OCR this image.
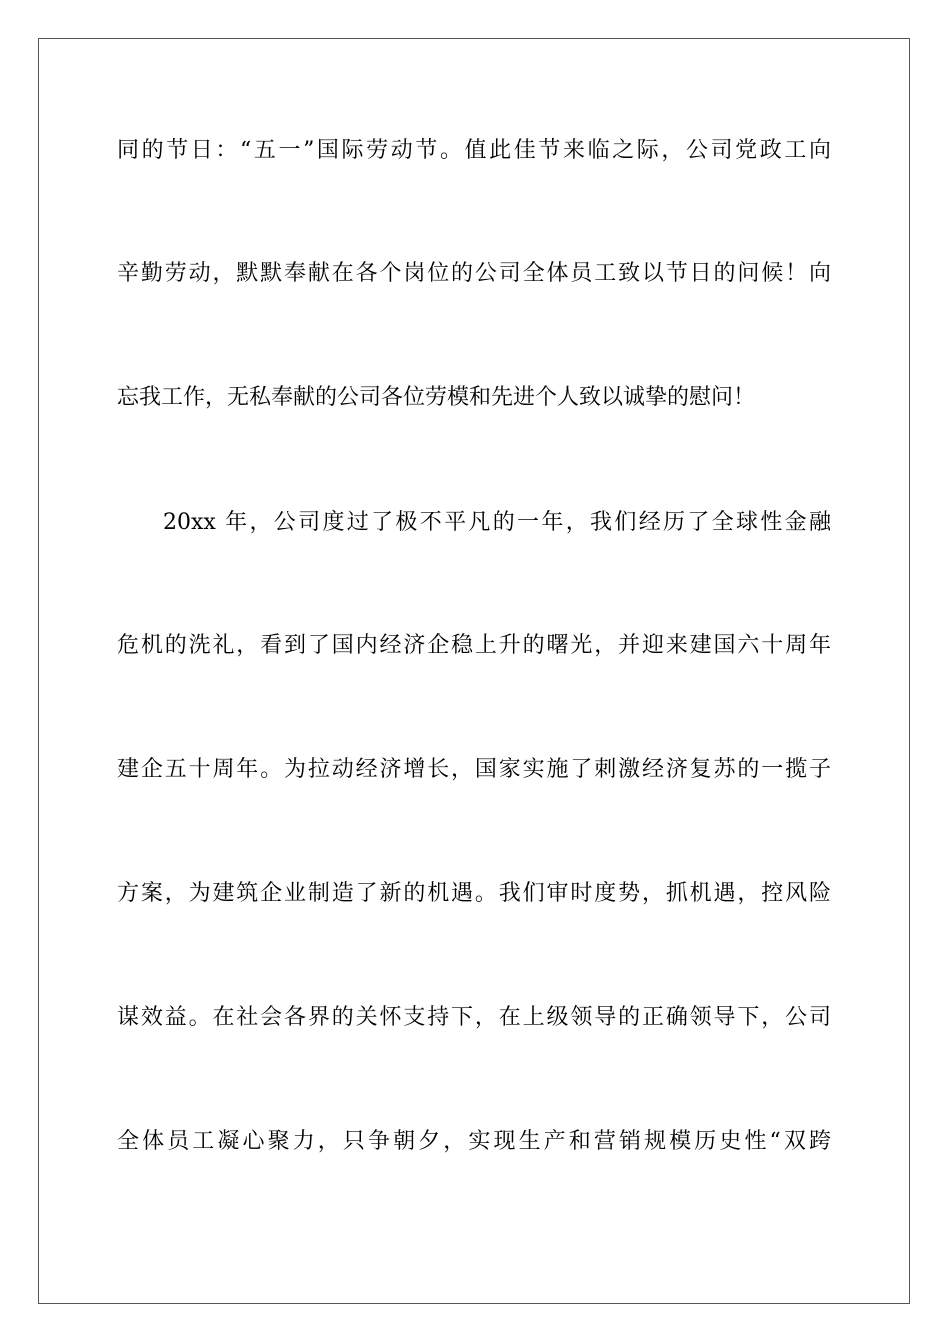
同的节日：“五一”国际劳动节。值此佳节来临之际，公司党政工向
辛勤劳动，默默奉献在各个岗位的公司全体员工致以节日的问候！向
忘我工作，无私奉献的公司各位劳模和先进个人致以诚挚的慰问！
20xx 年，公司度过了极不平凡的一年，我们经历了全球性金融
危机的洗礼，看到了国内经济企稳上升的曙光，并迎来建国六十周年
建企五十周年。为拉动经济增长，国家实施了刺激经济复苏的一揽子
方案，为建筑企业制造了新的机遇。我们审时度势，抓机遇，控风险
谋效益。在社会各界的关怀支持下，在上级领导的正确领导下，公司
全体员工凝心聚力，只争朝夕，实现生产和营销规模历史性“双跨
